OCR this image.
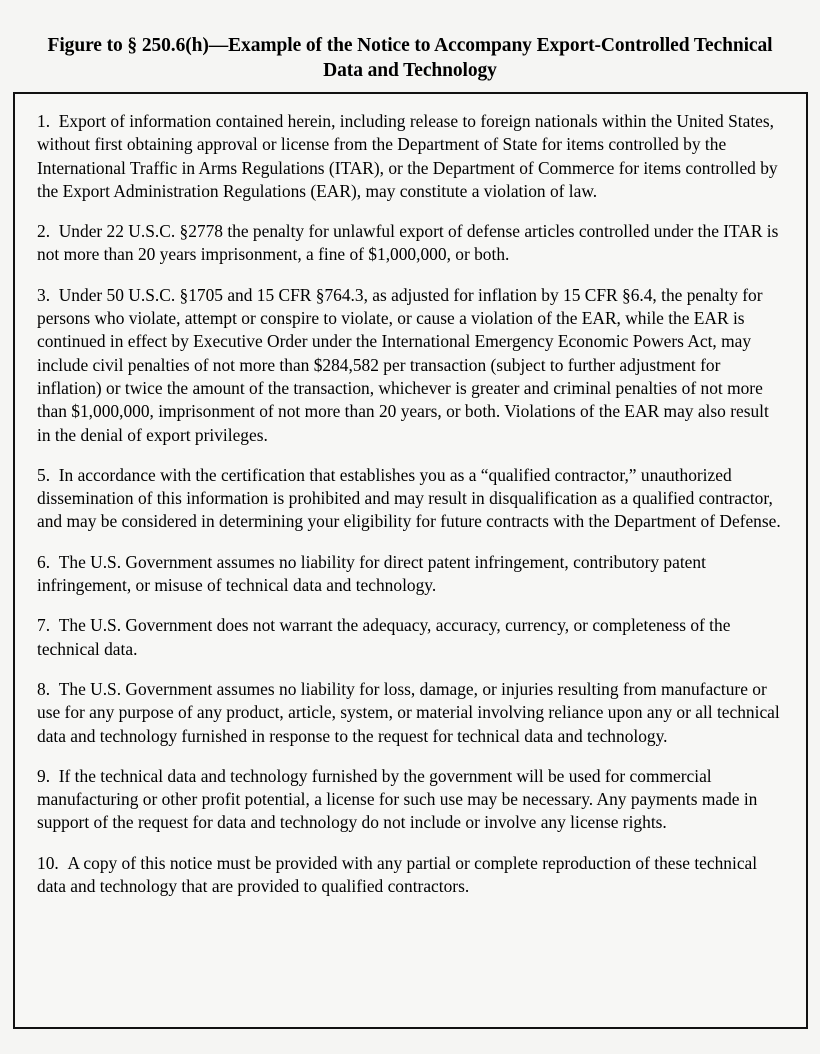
Figure to § 250.6(h)—Example of the Notice to Accompany Export-Controlled Technical
Data and Technology
1. Export of information contained herein, including release to foreign nationals within the United States, without first obtaining approval or license from the Department of State for items controlled by the International Traffic in Arms Regulations (ITAR), or the Department of Commerce for items controlled by the Export Administration Regulations (EAR), may constitute a violation of law.
2. Under 22 U.S.C. §2778 the penalty for unlawful export of defense articles controlled under the ITAR is not more than 20 years imprisonment, a fine of $1,000,000, or both.
3. Under 50 U.S.C. §1705 and 15 CFR §764.3, as adjusted for inflation by 15 CFR §6.4, the penalty for persons who violate, attempt or conspire to violate, or cause a violation of the EAR, while the EAR is continued in effect by Executive Order under the International Emergency Economic Powers Act, may include civil penalties of not more than $284,582 per transaction (subject to further adjustment for inflation) or twice the amount of the transaction, whichever is greater and criminal penalties of not more than $1,000,000, imprisonment of not more than 20 years, or both. Violations of the EAR may also result in the denial of export privileges.
5. In accordance with the certification that establishes you as a “qualified contractor,” unauthorized dissemination of this information is prohibited and may result in disqualification as a qualified contractor, and may be considered in determining your eligibility for future contracts with the Department of Defense.
6. The U.S. Government assumes no liability for direct patent infringement, contributory patent infringement, or misuse of technical data and technology.
7. The U.S. Government does not warrant the adequacy, accuracy, currency, or completeness of the technical data.
8. The U.S. Government assumes no liability for loss, damage, or injuries resulting from manufacture or use for any purpose of any product, article, system, or material involving reliance upon any or all technical data and technology furnished in response to the request for technical data and technology.
9. If the technical data and technology furnished by the government will be used for commercial manufacturing or other profit potential, a license for such use may be necessary. Any payments made in support of the request for data and technology do not include or involve any license rights.
10. A copy of this notice must be provided with any partial or complete reproduction of these technical data and technology that are provided to qualified contractors.
